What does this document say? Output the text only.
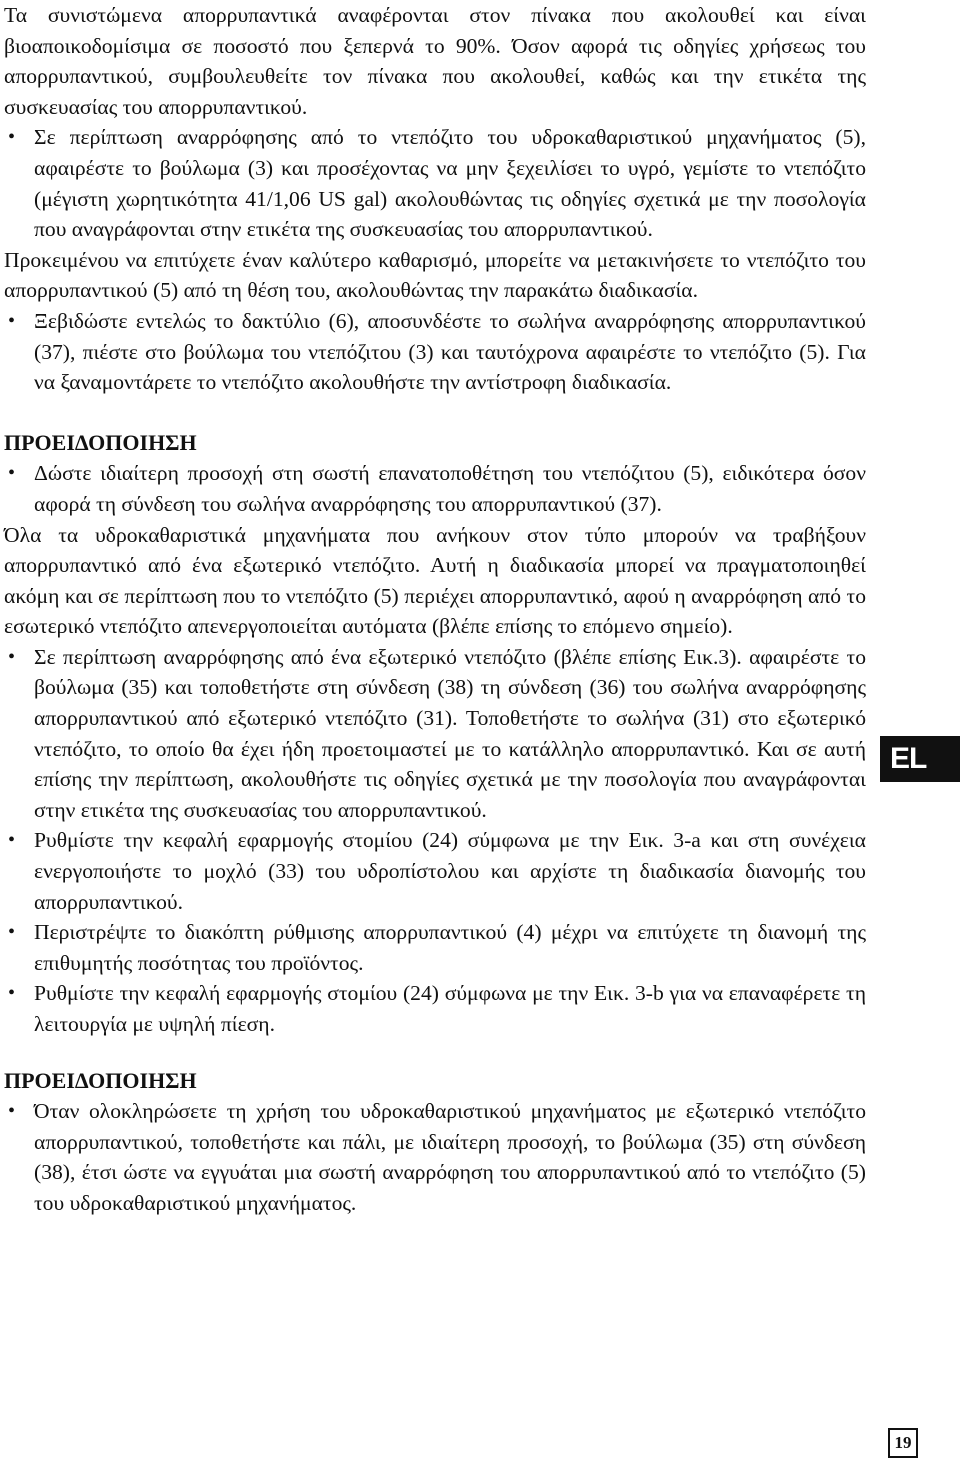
Τα συνιστώμενα απορρυπαντικά αναφέρονται στον πίνακα που ακολουθεί και είναι βιοαποικοδομίσιμα σε ποσοστό που ξεπερνά το 90%. Όσον αφορά τις οδηγίες χρήσεως του απορρυπαντικού, συμβουλευθείτε τον πίνακα που ακολουθεί, καθώς και την ετικέτα της συσκευασίας του απορρυπαντικού.

• Σε περίπτωση αναρρόφησης από το ντεπόζιτο του υδροκαθαριστικού μηχανήματος (5), αφαιρέστε το βούλωμα (3) και προσέχοντας να μην ξεχειλίσει το υγρό, γεμίστε το ντεπόζιτο (μέγιστη χωρητικότητα 41/1,06 US gal) ακολουθώντας τις οδηγίες σχετικά με την ποσολογία που αναγράφονται στην ετικέτα της συσκευασίας του απορρυπαντικού.

Προκειμένου να επιτύχετε έναν καλύτερο καθαρισμό, μπορείτε να μετακινήσετε το ντεπόζιτο του απορρυπαντικού (5) από τη θέση του, ακολουθώντας την παρακάτω διαδικασία.

• Ξεβιδώστε εντελώς το δακτύλιο (6), αποσυνδέστε το σωλήνα αναρρόφησης απορρυπαντικού (37), πιέστε στο βούλωμα του ντεπόζιτου (3) και ταυτόχρονα αφαιρέστε το ντεπόζιτο (5). Για να ξαναμοντάρετε το ντεπόζιτο ακολουθήστε την αντίστροφη διαδικασία.

ΠΡΟΕΙΔΟΠΟΙΗΣΗ

• Δώστε ιδιαίτερη προσοχή στη σωστή επανατοποθέτηση του ντεπόζιτου (5), ειδικότερα όσον αφορά τη σύνδεση του σωλήνα αναρρόφησης του απορρυπαντικού (37).

Όλα τα υδροκαθαριστικά μηχανήματα που ανήκουν στον τύπο μπορούν να τραβήξουν απορρυπαντικό από ένα εξωτερικό ντεπόζιτο. Αυτή η διαδικασία μπορεί να πραγματοποιηθεί ακόμη και σε περίπτωση που το ντεπόζιτο (5) περιέχει απορρυπαντικό, αφού η αναρρόφηση από το εσωτερικό ντεπόζιτο απενεργοποιείται αυτόματα (βλέπε επίσης το επόμενο σημείο).

• Σε περίπτωση αναρρόφησης από ένα εξωτερικό ντεπόζιτο (βλέπε επίσης Εικ.3). αφαιρέστε το βούλωμα (35) και τοποθετήστε στη σύνδεση (38) τη σύνδεση (36) του σωλήνα αναρρόφησης απορρυπαντικού από εξωτερικό ντεπόζιτο (31). Τοποθετήστε το σωλήνα (31) στο εξωτερικό ντεπόζιτο, το οποίο θα έχει ήδη προετοιμαστεί με το κατάλληλο απορρυπαντικό. Και σε αυτή επίσης την περίπτωση, ακολουθήστε τις οδηγίες σχετικά με την ποσολογία που αναγράφονται στην ετικέτα της συσκευασίας του απορρυπαντικού.

• Ρυθμίστε την κεφαλή εφαρμογής στομίου (24) σύμφωνα με την Εικ. 3-a και στη συνέχεια ενεργοποιήστε το μοχλό (33) του υδροπίστολου και αρχίστε τη διαδικασία διανομής του απορρυπαντικού.

• Περιστρέψτε το διακόπτη ρύθμισης απορρυπαντικού (4) μέχρι να επιτύχετε τη διανομή της επιθυμητής ποσότητας του προϊόντος.

• Ρυθμίστε την κεφαλή εφαρμογής στομίου (24) σύμφωνα με την Εικ. 3-b για να επαναφέρετε τη λειτουργία με υψηλή πίεση.

ΠΡΟΕΙΔΟΠΟΙΗΣΗ

• Όταν ολοκληρώσετε τη χρήση του υδροκαθαριστικού μηχανήματος με εξωτερικό ντεπόζιτο απορρυπαντικού, τοποθετήστε και πάλι, με ιδιαίτερη προσοχή, το βούλωμα (35) στη σύνδεση (38), έτσι ώστε να εγγυάται μια σωστή αναρρόφηση του απορρυπαντικού από το ντεπόζιτο (5) του υδροκαθαριστικού μηχανήματος.

EL
19
